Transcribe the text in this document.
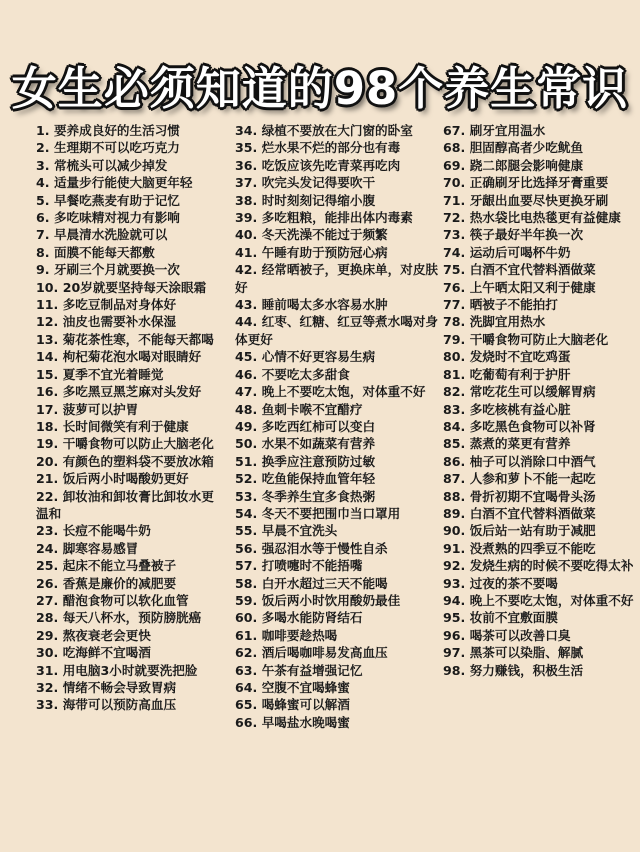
女生必须知道的98个养生常识

1. 要养成良好的生活习惯

2. 生理期不可以吃巧克力

3. 常梳头可以减少掉发

4. 适量步行能使大脑更年轻

5. 早餐吃燕麦有助于记忆

6. 多吃味精对视力有影响

7. 早晨清水洗脸就可以

8. 面膜不能每天都敷

9. 牙刷三个月就要换一次

10. 20岁就要坚持每天涂眼霜

11. 多吃豆制品对身体好

12. 油皮也需要补水保湿

13. 菊花茶性寒，不能每天都喝

14. 枸杞菊花泡水喝对眼睛好

15. 夏季不宜光着睡觉

16. 多吃黑豆黑芝麻对头发好

17. 菠萝可以护胃

18. 长时间微笑有利于健康

19. 干嚼食物可以防止大脑老化

20. 有颜色的塑料袋不要放冰箱

21. 饭后两小时喝酸奶更好

22. 卸妆油和卸妆膏比卸妆水更温和

23. 长痘不能喝牛奶

24. 脚寒容易感冒

25. 起床不能立马叠被子

26. 香蕉是廉价的减肥要

27. 醋泡食物可以软化血管

28. 每天八杯水，预防膀胱癌

29. 熬夜衰老会更快

30. 吃海鲜不宜喝酒

31. 用电脑3小时就要洗把脸

32. 情绪不畅会导致胃病

33. 海带可以预防高血压

34. 绿植不要放在大门窗的卧室

35. 烂水果不烂的部分也有毒

36. 吃饭应该先吃青菜再吃肉

37. 吹完头发记得要吹干

38. 时时刻刻记得缩小腹

39. 多吃粗粮，能排出体内毒素

40. 冬天洗澡不能过于频繁

41. 午睡有助于预防冠心病

42. 经常晒被子，更换床单，对皮肤好

43. 睡前喝太多水容易水肿

44. 红枣、红糖、红豆等煮水喝对身体更好

45. 心情不好更容易生病

46. 不要吃太多甜食

47. 晚上不要吃太饱，对体重不好

48. 鱼刺卡喉不宜醋疗

49. 多吃西红柿可以变白

50. 水果不如蔬菜有营养

51. 换季应注意预防过敏

52. 吃鱼能保持血管年轻

53. 冬季养生宜多食热粥

54. 冬天不要把围巾当口罩用

55. 早晨不宜洗头

56. 强忍泪水等于慢性自杀

57. 打喷嚏时不能捂嘴

58. 白开水超过三天不能喝

59. 饭后两小时饮用酸奶最佳

60. 多喝水能防肾结石

61. 咖啡要趁热喝

62. 酒后喝咖啡易发高血压

63. 午茶有益增强记忆

64. 空腹不宜喝蜂蜜

65. 喝蜂蜜可以解酒

66. 早喝盐水晚喝蜜

67. 刷牙宜用温水

68. 胆固醇高者少吃鱿鱼

69. 跷二郎腿会影响健康

70. 正确刷牙比选择牙膏重要

71. 牙龈出血要尽快更换牙刷

72. 热水袋比电热毯更有益健康

73. 筷子最好半年换一次

74. 运动后可喝杯牛奶

75. 白酒不宜代替料酒做菜

76. 上午晒太阳又利于健康

77. 晒被子不能拍打

78. 洗脚宜用热水

79. 干嚼食物可防止大脑老化

80. 发烧时不宜吃鸡蛋

81. 吃葡萄有利于护肝

82. 常吃花生可以缓解胃病

83. 多吃核桃有益心脏

84. 多吃黑色食物可以补肾

85. 蒸煮的菜更有营养

86. 柚子可以消除口中酒气

87. 人参和萝卜不能一起吃

88. 骨折初期不宜喝骨头汤

89. 白酒不宜代替料酒做菜

90. 饭后站一站有助于减肥

91. 没煮熟的四季豆不能吃

92. 发烧生病的时候不要吃得太补

93. 过夜的茶不要喝

94. 晚上不要吃太饱，对体重不好

95. 妆前不宜敷面膜

96. 喝茶可以改善口臭

97. 黑茶可以染脂、解腻

98. 努力赚钱，积极生活
